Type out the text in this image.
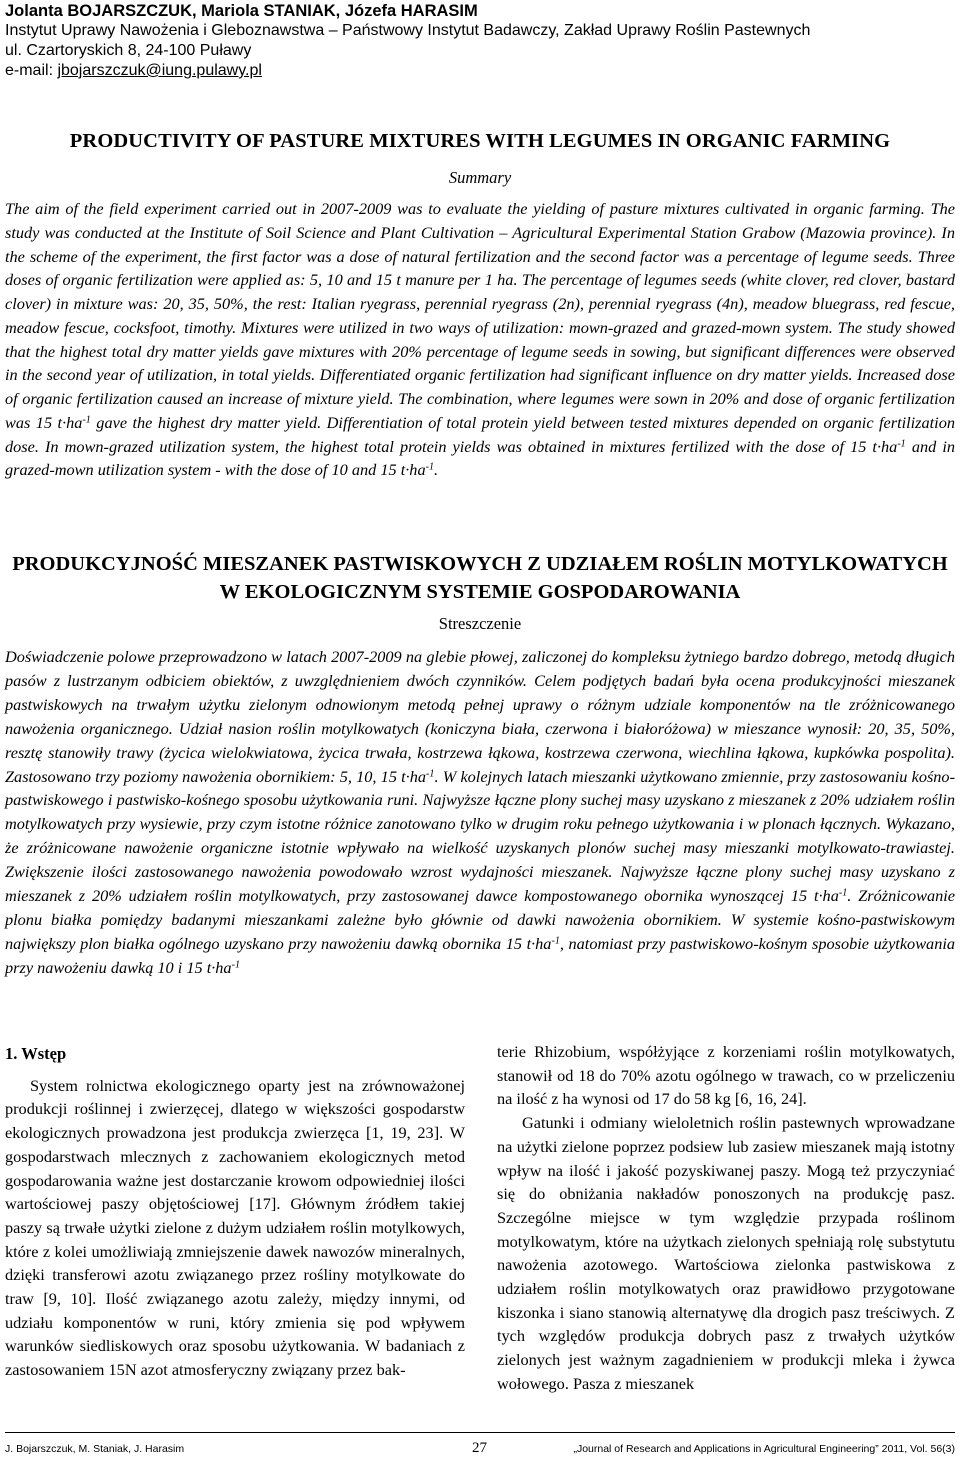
Jolanta BOJARSZCZUK, Mariola STANIAK, Józefa HARASIM
Instytut Uprawy Nawożenia i Gleboznawstwa – Państwowy Instytut Badawczy, Zakład Uprawy Roślin Pastewnych
ul. Czartoryskich 8, 24-100 Puławy
e-mail: jbojarszczuk@iung.pulawy.pl
PRODUCTIVITY OF PASTURE MIXTURES WITH LEGUMES IN ORGANIC FARMING
Summary
The aim of the field experiment carried out in 2007-2009 was to evaluate the yielding of pasture mixtures cultivated in organic farming. The study was conducted at the Institute of Soil Science and Plant Cultivation – Agricultural Experimental Station Grabow (Mazowia province). In the scheme of the experiment, the first factor was a dose of natural fertilization and the second factor was a percentage of legume seeds. Three doses of organic fertilization were applied as: 5, 10 and 15 t manure per 1 ha. The percentage of legumes seeds (white clover, red clover, bastard clover) in mixture was: 20, 35, 50%, the rest: Italian ryegrass, perennial ryegrass (2n), perennial ryegrass (4n), meadow bluegrass, red fescue, meadow fescue, cocksfoot, timothy. Mixtures were utilized in two ways of utilization: mown-grazed and grazed-mown system. The study showed that the highest total dry matter yields gave mixtures with 20% percentage of legume seeds in sowing, but significant differences were observed in the second year of utilization, in total yields. Differentiated organic fertilization had significant influence on dry matter yields. Increased dose of organic fertilization caused an increase of mixture yield. The combination, where legumes were sown in 20% and dose of organic fertilization was 15 $t\cdot ha^{-1}$ gave the highest dry matter yield. Differentiation of total protein yield between tested mixtures depended on organic fertilization dose. In mown-grazed utilization system, the highest total protein yields was obtained in mixtures fertilized with the dose of 15 $t\cdot ha^{-1}$ and in grazed-mown utilization system - with the dose of 10 and 15 $t\cdot ha^{-1}$.
PRODUKCYJNOŚĆ MIESZANEK PASTWISKOWYCH Z UDZIAŁEM ROŚLIN MOTYLKOWATYCH W EKOLOGICZNYM SYSTEMIE GOSPODAROWANIA
Streszczenie
Doświadczenie polowe przeprowadzono w latach 2007-2009 na glebie płowej, zaliczonej do kompleksu żytniego bardzo dobrego, metodą długich pasów z lustrzanym odbiciem obiektów, z uwzględnieniem dwóch czynników. Celem podjętych badań była ocena produkcyjności mieszanek pastwiskowych na trwałym użytku zielonym odnowionym metodą pełnej uprawy o różnym udziale komponentów na tle zróżnicowanego nawożenia organicznego. Udział nasion roślin motylkowatych (koniczyna biała, czerwona i białoróżowa) w mieszance wynosił: 20, 35, 50%, resztę stanowiły trawy (życica wielokwiatowa, życica trwała, kostrzewa łąkowa, kostrzewa czerwona, wiechlina łąkowa, kupkówka pospolita). Zastosowano trzy poziomy nawożenia obornikiem: 5, 10, 15 $t\cdot ha^{-1}$. W kolejnych latach mieszanki użytkowano zmiennie, przy zastosowaniu kośno-pastwiskowego i pastwisko-kośnego sposobu użytkowania runi. Najwyższe łączne plony suchej masy uzyskano z mieszanek z 20% udziałem roślin motylkowatych przy wysiewie, przy czym istotne różnice zanotowano tylko w drugim roku pełnego użytkowania i w plonach łącznych. Wykazano, że zróżnicowane nawożenie organiczne istotnie wpływało na wielkość uzyskanych plonów suchej masy mieszanki motylkowato-trawiastej. Zwiększenie ilości zastosowanego nawożenia powodowało wzrost wydajności mieszanek. Najwyższe łączne plony suchej masy uzyskano z mieszanek z 20% udziałem roślin motylkowatych, przy zastosowanej dawce kompostowanego obornika wynoszącej 15 $t\cdot ha^{-1}$. Zróżnicowanie plonu białka pomiędzy badanymi mieszankami zależne było głównie od dawki nawożenia obornikiem. W systemie kośno-pastwiskowym największy plon białka ogólnego uzyskano przy nawożeniu dawką obornika 15 $t\cdot ha^{-1}$, natomiast przy pastwiskowo-kośnym sposobie użytkowania przy nawożeniu dawką 10 i 15 $t\cdot ha^{-1}$
1. Wstęp

System rolnictwa ekologicznego oparty jest na zrównoważonej produkcji roślinnej i zwierzęcej, dlatego w większości gospodarstw ekologicznych prowadzona jest produkcja zwierzęca [1, 19, 23]. W gospodarstwach mlecznych z zachowaniem ekologicznych metod gospodarowania ważne jest dostarczanie krowom odpowiedniej ilości wartościowej paszy objętościowej [17]. Głównym źródłem takiej paszy są trwałe użytki zielone z dużym udziałem roślin motylkowych, które z kolei umożliwiają zmniejszenie dawek nawozów mineralnych, dzięki transferowi azotu związanego przez rośliny motylkowate do traw [9, 10]. Ilość związanego azotu zależy, między innymi, od udziału komponentów w runi, który zmienia się pod wpływem warunków siedliskowych oraz sposobu użytkowania. W badaniach z zastosowaniem 15N azot atmosferyczny związany przez bak-

terie Rhizobium, współżyjące z korzeniami roślin motylkowatych, stanowił od 18 do 70% azotu ogólnego w trawach, co w przeliczeniu na ilość z ha wynosi od 17 do 58 kg [6, 16, 24].

Gatunki i odmiany wieloletnich roślin pastewnych wprowadzane na użytki zielone poprzez podsiew lub zasiew mieszanek mają istotny wpływ na ilość i jakość pozyskiwanej paszy. Mogą też przyczyniać się do obniżania nakładów ponoszonych na produkcję pasz. Szczególne miejsce w tym względzie przypada roślinom motylkowatym, które na użytkach zielonych spełniają rolę substytutu nawożenia azotowego. Wartościowa zielonka pastwiskowa z udziałem roślin motylkowatych oraz prawidłowo przygotowane kiszonka i siano stanowią alternatywę dla drogich pasz treściwych. Z tych względów produkcja dobrych pasz z trwałych użytków zielonych jest ważnym zagadnieniem w produkcji mleka i żywca wołowego. Pasza z mieszanek

J. Bojarszczuk, M. Staniak, J. Harasim	27	„Journal of Research and Applications in Agricultural Engineering” 2011, Vol. 56(3)
